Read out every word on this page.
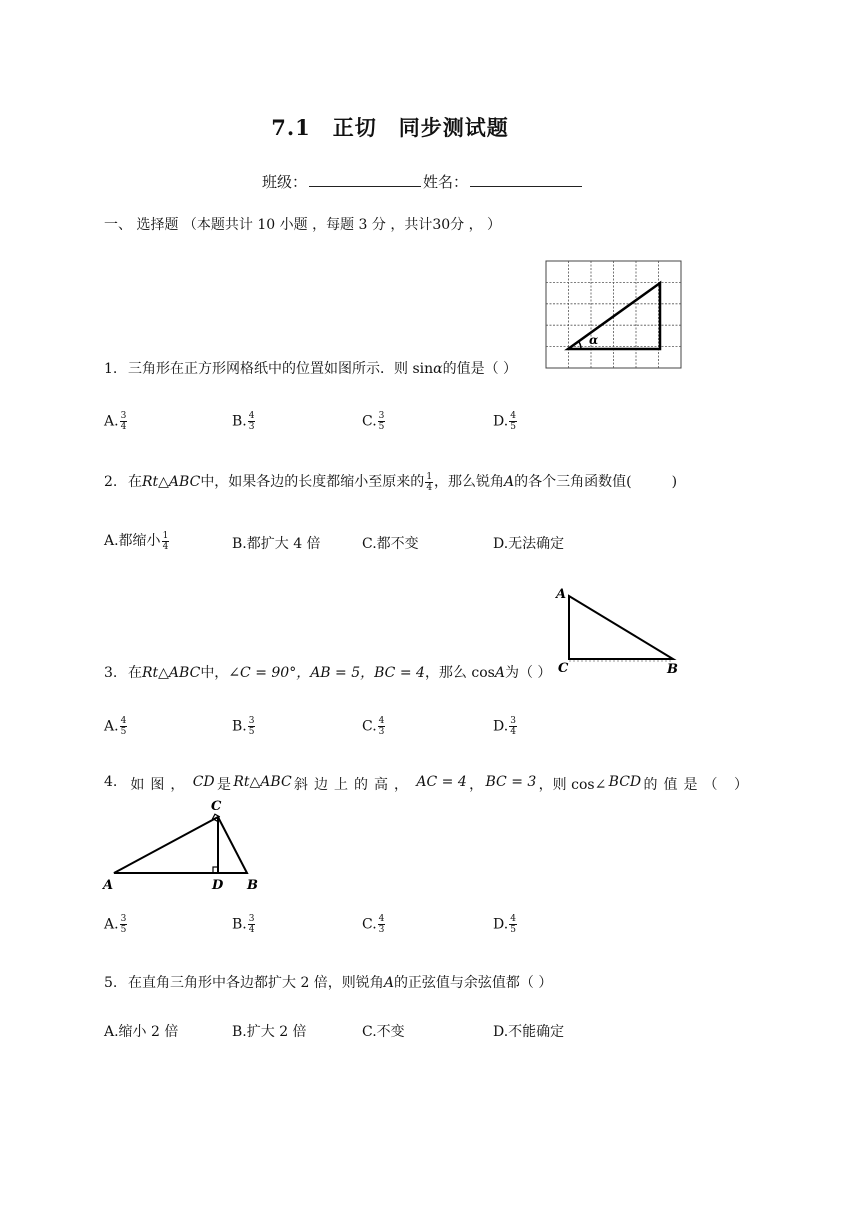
7.1 正切 同步测试题
班级：	姓名：
一、 选择题 （本题共计 10 小题 ，每题 3 分 ，共计30分 ， ）
α
1. 三角形在正方形网格纸中的位置如图所示．则 sinα的值是（ ）
A. $\frac{3}{4}$	B. $\frac{4}{3}$	C. $\frac{3}{5}$	D. $\frac{4}{5}$
2. 在Rt△ABC中，如果各边的长度都缩小至原来的 $\frac{1}{4}$ ，那么锐角A的各个三角函数值(	)
A.都缩小 $\frac{1}{4}$	B.都扩大 4 倍	C.都不变	D.无法确定
A
C	B
3. 在Rt△ABC中，∠C = 90°，AB = 5，BC = 4，那么 cosA为（ ）
A. $\frac{4}{5}$	B. $\frac{3}{5}$	C. $\frac{4}{3}$	D. $\frac{3}{4}$
4. 如图， CD 是 Rt△ABC 斜边上的高， AC = 4 ， BC = 3 ，则 cos∠ BCD 的值是（ ）
C
A	D B
A. $\frac{3}{5}$	B. $\frac{3}{4}$	C. $\frac{4}{3}$	D. $\frac{4}{5}$
5. 在直角三角形中各边都扩大 2 倍，则锐角A的正弦值与余弦值都（ ）
A.缩小 2 倍	B.扩大 2 倍	C.不变	D.不能确定
